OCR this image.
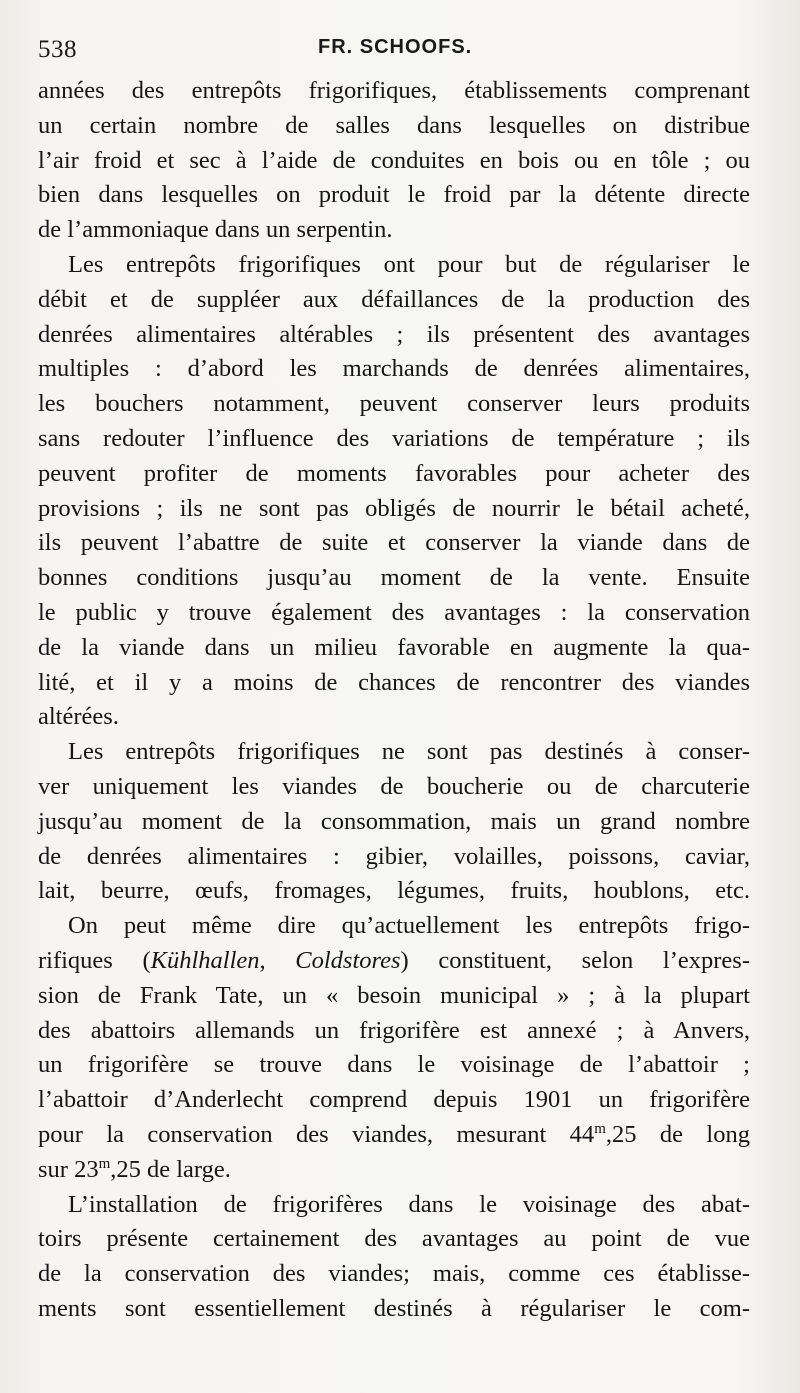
538	FR. SCHOOFS.
années des entrepôts frigorifiques, établissements comprenant
un certain nombre de salles dans lesquelles on distribue
l’air froid et sec à l’aide de conduites en bois ou en tôle ; ou
bien dans lesquelles on produit le froid par la détente directe
de l’ammoniaque dans un serpentin.
Les entrepôts frigorifiques ont pour but de régulariser le
débit et de suppléer aux défaillances de la production des
denrées alimentaires altérables ; ils présentent des avantages
multiples : d’abord les marchands de denrées alimentaires,
les bouchers notamment, peuvent conserver leurs produits
sans redouter l’influence des variations de température ; ils
peuvent profiter de moments favorables pour acheter des
provisions ; ils ne sont pas obligés de nourrir le bétail acheté,
ils peuvent l’abattre de suite et conserver la viande dans de
bonnes conditions jusqu’au moment de la vente. Ensuite
le public y trouve également des avantages : la conservation
de la viande dans un milieu favorable en augmente la qua-
lité, et il y a moins de chances de rencontrer des viandes
altérées.
Les entrepôts frigorifiques ne sont pas destinés à conser-
ver uniquement les viandes de boucherie ou de charcuterie
jusqu’au moment de la consommation, mais un grand nombre
de denrées alimentaires : gibier, volailles, poissons, caviar,
lait, beurre, œufs, fromages, légumes, fruits, houblons, etc.
On peut même dire qu’actuellement les entrepôts frigo-
rifiques (Kühlhallen, Coldstores) constituent, selon l’expres-
sion de Frank Tate, un « besoin municipal » ; à la plupart
des abattoirs allemands un frigorifère est annexé ; à Anvers,
un frigorifère se trouve dans le voisinage de l’abattoir ;
l’abattoir d’Anderlecht comprend depuis 1901 un frigorifère
pour la conservation des viandes, mesurant 44$^m$,25 de long
sur 23$^m$,25 de large.
L’installation de frigorifères dans le voisinage des abat-
toirs présente certainement des avantages au point de vue
de la conservation des viandes; mais, comme ces établisse-
ments sont essentiellement destinés à régulariser le com-
